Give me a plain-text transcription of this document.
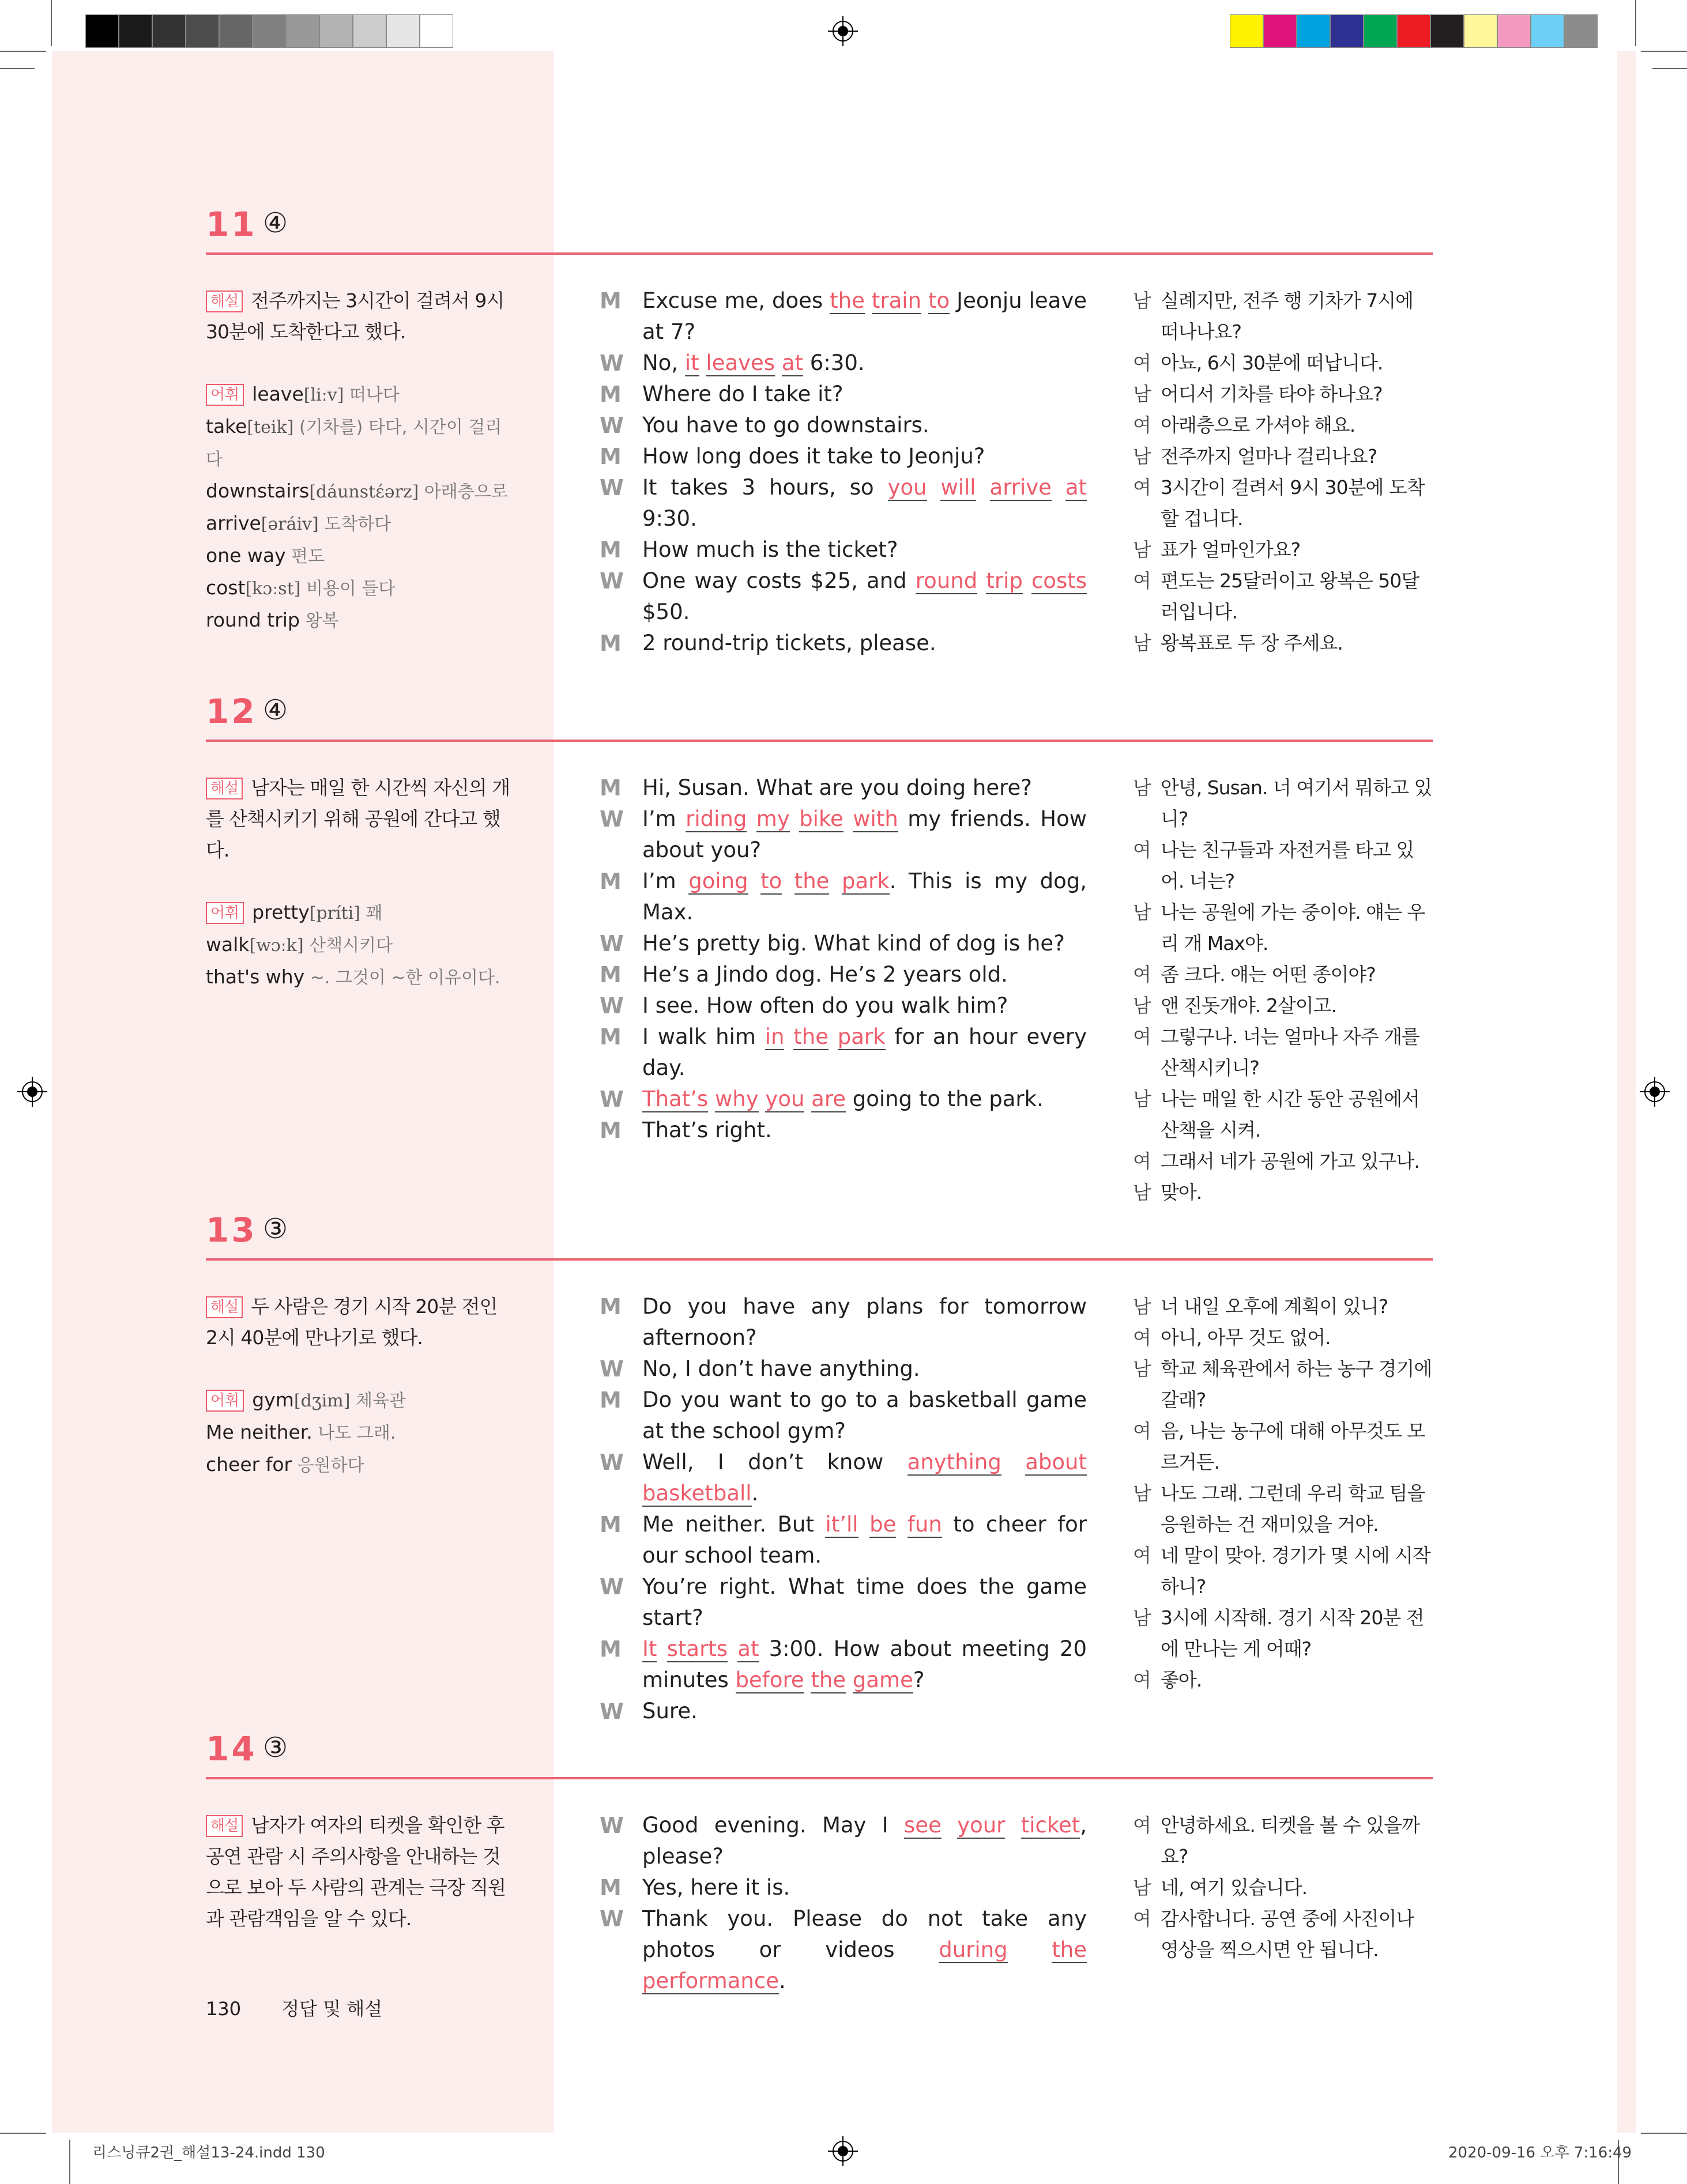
11 ④
해설 전주까지는 3시간이 걸려서 9시 30분에 도착한다고 했다.
어휘 leave[liːv] 떠나다
take[teik] (기차를) 타다, 시간이 걸리다
downstairs[dáunstέərz] 아래층으로
arrive[əráiv] 도착하다
one way 편도
cost[kɔːst] 비용이 들다
round trip 왕복
M Excuse me, does the train to Jeonju leave at 7?
W No, it leaves at 6:30.
M Where do I take it?
W You have to go downstairs.
M How long does it take to Jeonju?
W It takes 3 hours, so you will arrive at 9:30.
M How much is the ticket?
W One way costs $25, and round trip costs $50.
M 2 round-trip tickets, please.
남 실례지만, 전주 행 기차가 7시에 떠나나요?
여 아뇨, 6시 30분에 떠납니다.
남 어디서 기차를 타야 하나요?
여 아래층으로 가셔야 해요.
남 전주까지 얼마나 걸리나요?
여 3시간이 걸려서 9시 30분에 도착할 겁니다.
남 표가 얼마인가요?
여 편도는 25달러이고 왕복은 50달러입니다.
남 왕복표로 두 장 주세요.
12 ④
해설 남자는 매일 한 시간씩 자신의 개를 산책시키기 위해 공원에 간다고 했다.
어휘 pretty[príti] 꽤
walk[wɔːk] 산책시키다
that's why ~. 그것이 ~한 이유이다.
M Hi, Susan. What are you doing here?
W I’m riding my bike with my friends. How about you?
M I’m going to the park. This is my dog, Max.
W He’s pretty big. What kind of dog is he?
M He’s a Jindo dog. He’s 2 years old.
W I see. How often do you walk him?
M I walk him in the park for an hour every day.
W That’s why you are going to the park.
M That’s right.
남 안녕, Susan. 너 여기서 뭐하고 있니?
여 나는 친구들과 자전거를 타고 있어. 너는?
남 나는 공원에 가는 중이야. 얘는 우리 개 Max야.
여 좀 크다. 얘는 어떤 종이야?
남 앤 진돗개야. 2살이고.
여 그렇구나. 너는 얼마나 자주 개를 산책시키니?
남 나는 매일 한 시간 동안 공원에서 산책을 시켜.
여 그래서 네가 공원에 가고 있구나.
남 맞아.
13 ③
해설 두 사람은 경기 시작 20분 전인 2시 40분에 만나기로 했다.
어휘 gym[dʒim] 체육관
Me neither. 나도 그래.
cheer for 응원하다
M Do you have any plans for tomorrow afternoon?
W No, I don’t have anything.
M Do you want to go to a basketball game at the school gym?
W Well, I don’t know anything about basketball.
M Me neither. But it’ll be fun to cheer for our school team.
W You’re right. What time does the game start?
M It starts at 3:00. How about meeting 20 minutes before the game?
W Sure.
남 너 내일 오후에 계획이 있니?
여 아니, 아무 것도 없어.
남 학교 체육관에서 하는 농구 경기에 갈래?
여 음, 나는 농구에 대해 아무것도 모르거든.
남 나도 그래. 그런데 우리 학교 팀을 응원하는 건 재미있을 거야.
여 네 말이 맞아. 경기가 몇 시에 시작하니?
남 3시에 시작해. 경기 시작 20분 전에 만나는 게 어때?
여 좋아.
14 ③
해설 남자가 여자의 티켓을 확인한 후 공연 관람 시 주의사항을 안내하는 것으로 보아 두 사람의 관계는 극장 직원과 관람객임을 알 수 있다.
W Good evening. May I see your ticket, please?
M Yes, here it is.
W Thank you. Please do not take any photos or videos during the performance.
여 안녕하세요. 티켓을 볼 수 있을까요?
남 네, 여기 있습니다.
여 감사합니다. 공연 중에 사진이나 영상을 찍으시면 안 됩니다.
130 정답 및 해설
리스닝큐2권_해설13-24.indd 130	2020-09-16 오후 7:16:49
